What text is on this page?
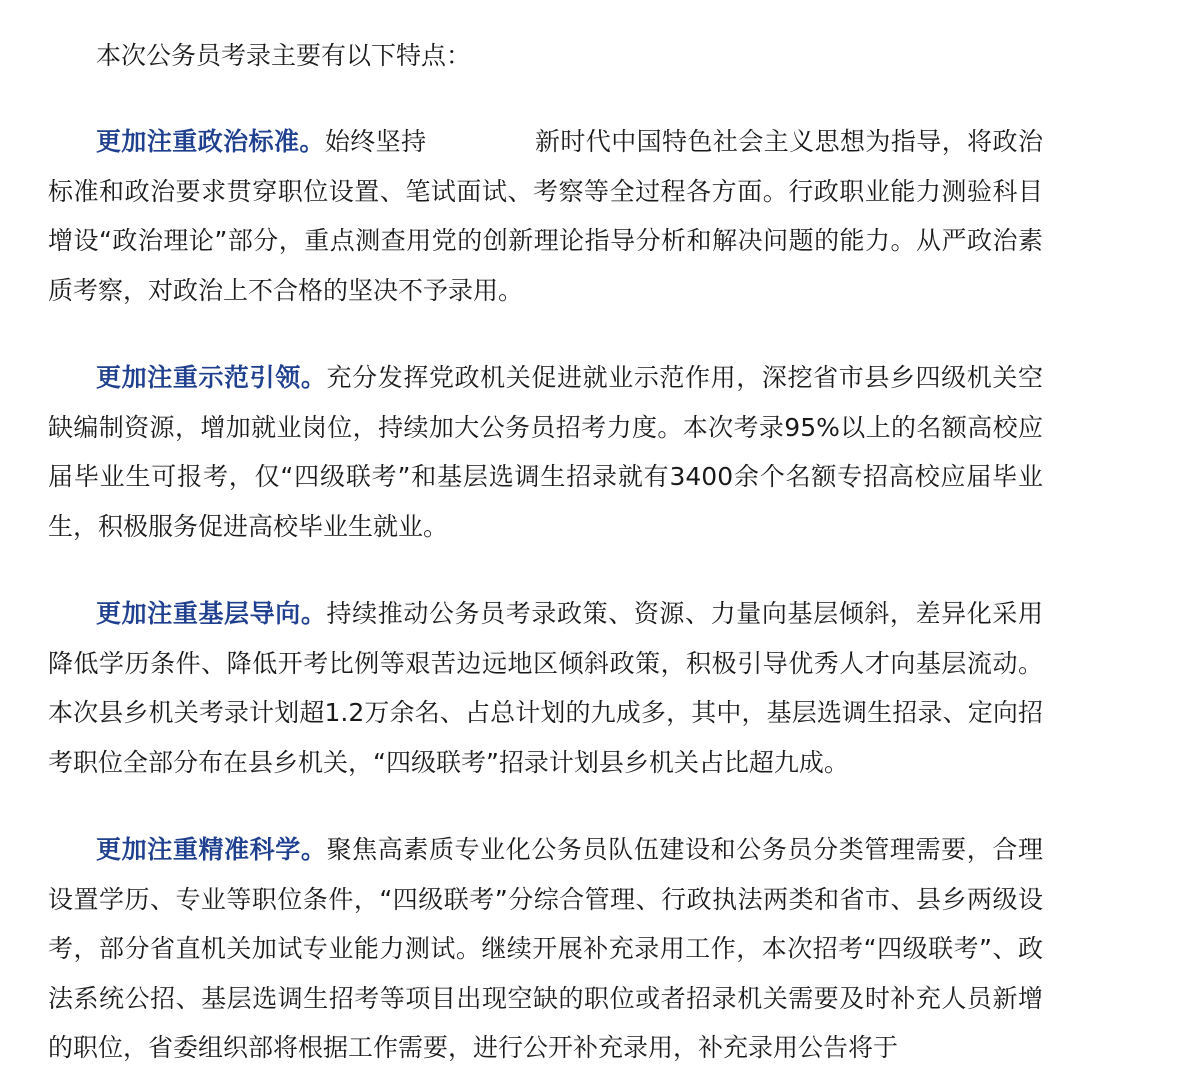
本次公务员考录主要有以下特点：

更加注重政治标准。始终坚持	新时代中国特色社会主义思想为指导，将政治标准和政治要求贯穿职位设置、笔试面试、考察等全过程各方面。行政职业能力测验科目增设“政治理论”部分，重点测查用党的创新理论指导分析和解决问题的能力。从严政治素质考察，对政治上不合格的坚决不予录用。

更加注重示范引领。充分发挥党政机关促进就业示范作用，深挖省市县乡四级机关空缺编制资源，增加就业岗位，持续加大公务员招考力度。本次考录95%以上的名额高校应届毕业生可报考，仅“四级联考”和基层选调生招录就有3400余个名额专招高校应届毕业生，积极服务促进高校毕业生就业。

更加注重基层导向。持续推动公务员考录政策、资源、力量向基层倾斜，差异化采用降低学历条件、降低开考比例等艰苦边远地区倾斜政策，积极引导优秀人才向基层流动。本次县乡机关考录计划超1.2万余名、占总计划的九成多，其中，基层选调生招录、定向招考职位全部分布在县乡机关，“四级联考”招录计划县乡机关占比超九成。

更加注重精准科学。聚焦高素质专业化公务员队伍建设和公务员分类管理需要，合理设置学历、专业等职位条件，“四级联考”分综合管理、行政执法两类和省市、县乡两级设考，部分省直机关加试专业能力测试。继续开展补充录用工作，本次招考“四级联考”、政法系统公招、基层选调生招考等项目出现空缺的职位或者招录机关需要及时补充人员新增的职位，省委组织部将根据工作需要，进行公开补充录用，补充录用公告将于
